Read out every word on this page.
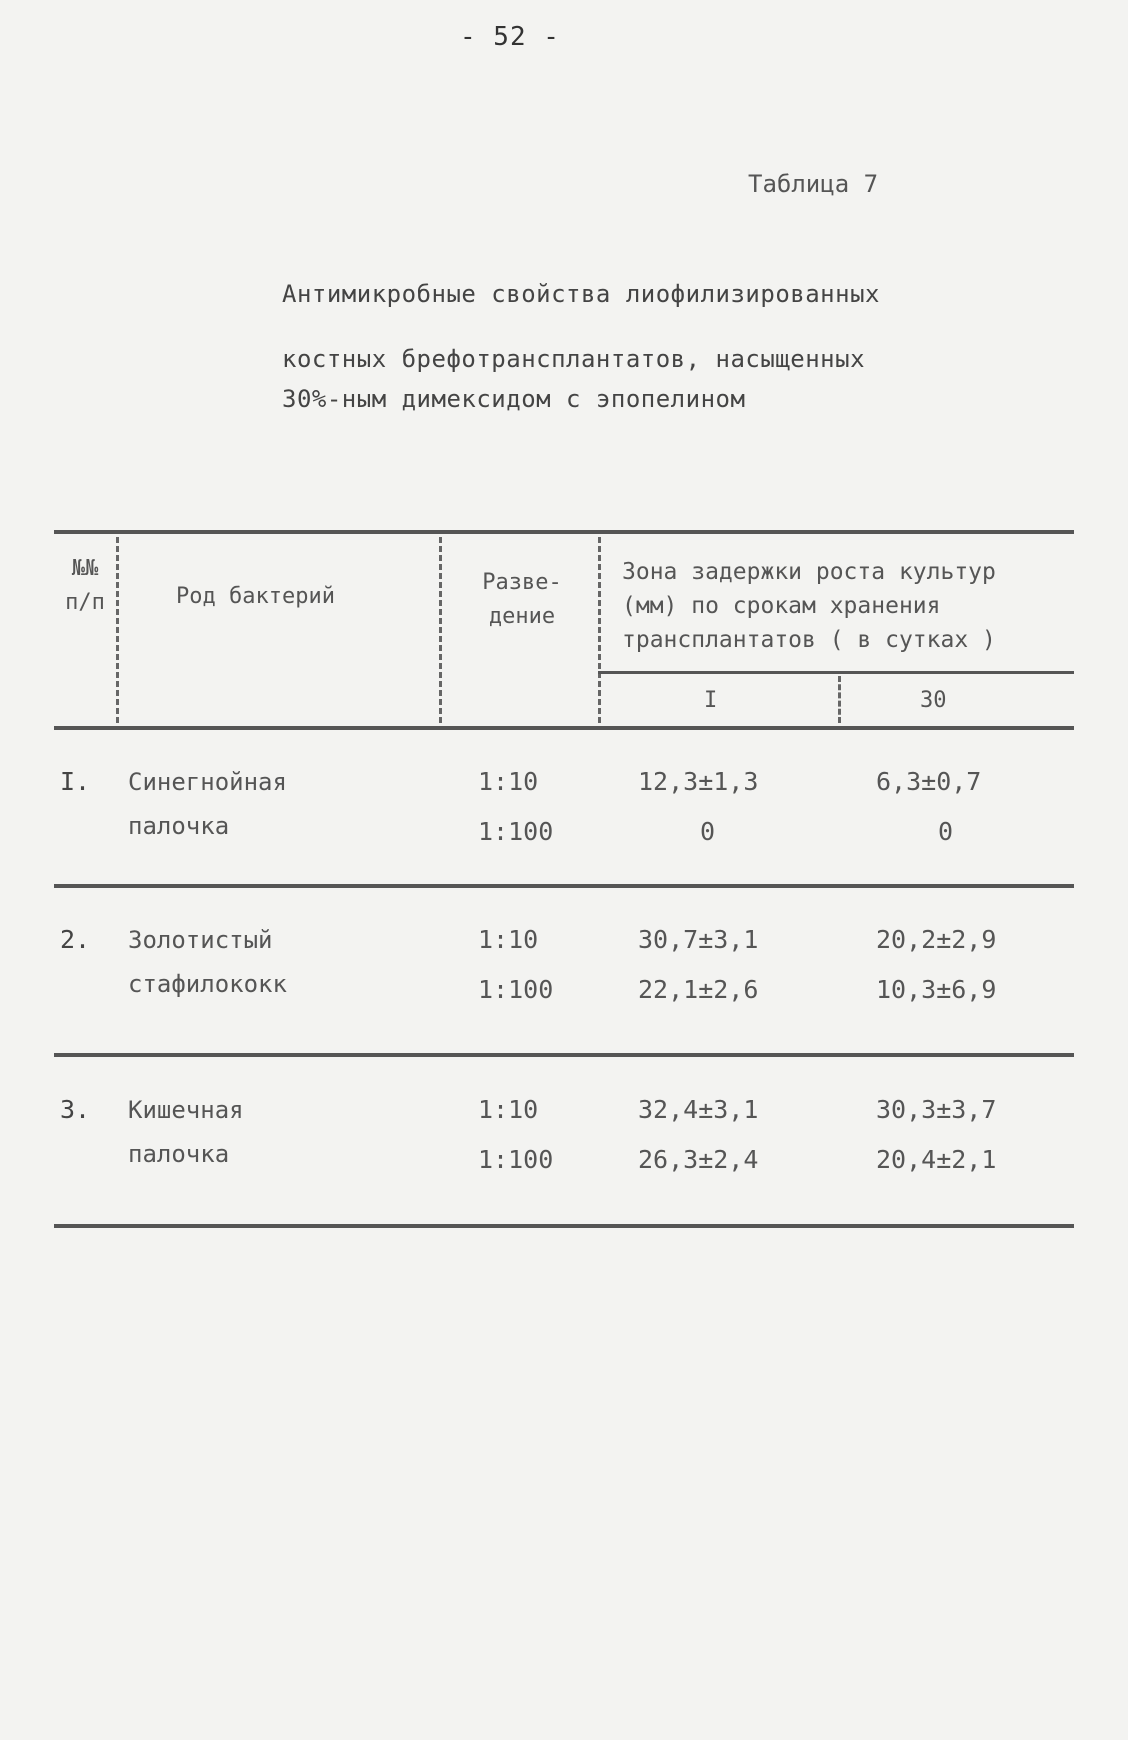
- 52 -
Таблица 7
Антимикробные свойства лиофилизированных
костных брефотрансплантатов, насыщенных
30%-ным димексидом с эпопелином
№№
п/п	Род бактерий
Разве-
дение
Зона задержки роста культур
(мм) по срокам хранения
трансплантатов ( в сутках )
I	30
I. Синегнойная
палочка
1:10
1:100
12,3±1,3
0
6,3±0,7
0
2. Золотистый
стафилококк
1:10
1:100
30,7±3,1
22,1±2,6
20,2±2,9
10,3±6,9
3. Кишечная
палочка
1:10
1:100
32,4±3,1
26,3±2,4
30,3±3,7
20,4±2,1
